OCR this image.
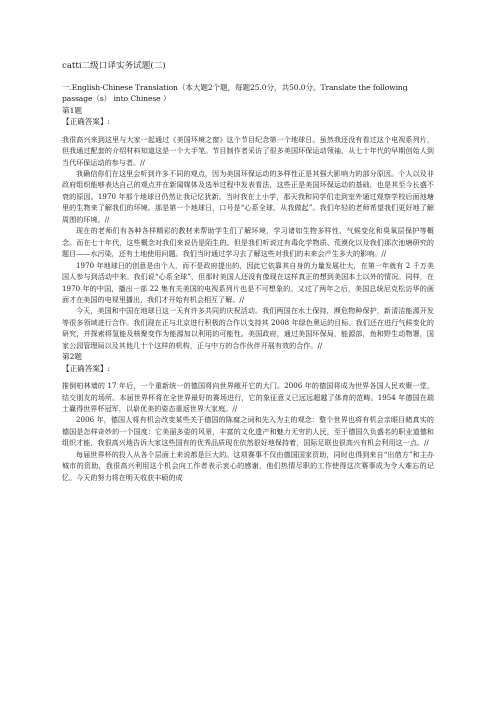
catti二级口译实务试题(二)
一.English-Chinese Translation（本大题2个题，每题25.0分，共50.0分。Translate the following passage（s） into Chinese ）
第1题
【正确答案】:

我很高兴来到这里与大家一起通过《美国环境之窗》这个节目纪念第一个地球日。虽然我还没有看过这个电视系列片，但我通过配套的介绍材料知道这是一个大手笔。节目制作者采访了很多美国环保运动领袖，从七十年代的早期创始人到当代环保运动的参与者。//

我确信你们在这里会听到许多不同的观点，因为美国环保运动的多样性正是其强大影响力的部分原因。个人以及非政府组织能够表达自己的观点并在新闻媒体及选举过程中发表看法，这些正是美国环保运动的基础，也是其至今长盛不衰的原因。1970 年那个地球日仍然让我记忆犹新。当时我在上小学，那天我和同学们走到室外通过观察学校后面池塘里的生物来了解我们的环境。那是第一个地球日，口号是“心系全球，从我做起”。我们年轻的老师希望我们更好地了解周围的环境。//

现在的老师们有各种各样精彩的教材来帮助学生们了解环境，学习诸如生物多样性、气候变化和臭氧层保护等概念。而在七十年代，这些概念对我们来说仍是陌生的。但是我们听说过有毒化学物质、荒漠化以及我们那次池塘研究的题目——水污染，还有土地使用问题。我们当时通过学习去了解这些对我们的未来会产生多大的影响。//

1970 年地球日的创意是由个人，而不是政府提出的，因此它依靠其自身的力量发展壮大，在第一年就有 2 千万美国人参与到活动中来。我们说“心系全球”，但那时美国人还没有像现在这样真正的想到美国本土以外的情况。同样，在 1970 年的中国，播出一部 22 集有关美国的电视系列片也是不可想象的。又过了两年之后，美国总统尼克松访华的画面才在美国的电视里播出，我们才开始有机会相互了解。//

今天，美国和中国在地球日这一天有许多共同的庆祝活动。我们两国在水土保持，濒危物种保护，新清洁能源开发等很多领域进行合作。我们现在正与北京进行积极的合作以支持其 2008 年绿色奥运的目标。我们还在进行气候变化的研究，并探索将氢能及核聚变作为能源加以利用的可能性。美国政府，通过美国环保局，能源部，鱼和野生动物署，国家公园管理局以及其他几十个这样的机构，正与中方的合作伙伴开展有效的合作。//

第2题
【正确答案】:

推倒柏林墙的 17 年后，一个重新统一的德国将向世界敞开它的大门。2006 年的德国将成为世界各国人民欢聚一堂，结交朋友的场所。本届世界杯将在全世界最好的赛场进行，它的象征意义已远远超越了体育的范畴。1954 年德国在瑞士赢得世界杯冠军，以崭优美的姿态重返世界大家庭。//

2006 年，德国人将有机会改变某些关于德国的陈腐之词和先入为主的观念：整个世界也将有机会亲眼目睹真实的德国是怎样奇妙的一个国度：它美丽多姿的风景，丰富的文化遗产和魅力无穷的人民，至于德国久负盛名的职业道德和组织才能，我很高兴地告诉大家这些国有的优秀品质现在依然很好地保持着，国际足联也很高兴有机会利用这一点。//

每届世界杯的投入从各个层面上来说都是巨大的。这项赛事不仅由德国国家资助，同时也得到来自“出借方”和主办城市的资助，我很高兴利用这个机会向工作者表示衷心的感谢，他们热情尽职的工作使得这次赛事成为令人难忘的记忆。今天的努力将在明天收获丰硕的成
